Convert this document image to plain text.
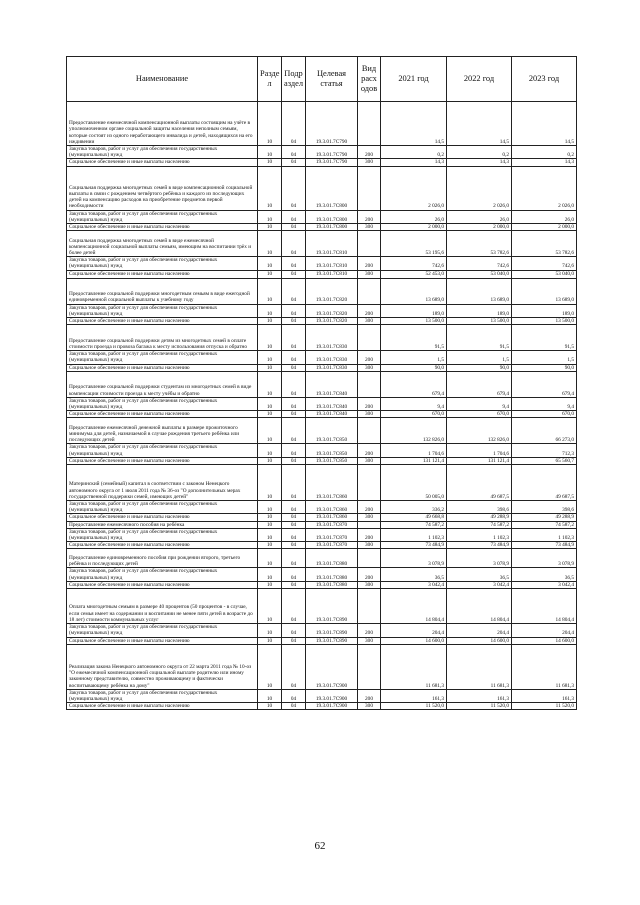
Наименование	Разде л	Подр аздел	Целевая статья	Вид расх одов	2021 год	2022 год	2023 год
Предоставление ежемесячной компенсационной выплаты состоящим на учёте в уполномоченном органе социальной защиты населения неполным семьям, которые состоят из одного неработающего инвалида и детей, находящихся на его иждивении	10	04	19.3.01.7С790		14,5	14,5	14,5
Закупка товаров, работ и услуг для обеспечения государственных (муниципальных) нужд	10	04	19.3.01.7С790	200	0,2	0,2	0,2
Социальное обеспечение и иные выплаты населению	10	04	19.3.01.7С790	300	14,3	14,3	14,3
Социальная поддержка многодетных семей в виде компенсационной социальной выплаты в связи с рождением четвёртого ребёнка и каждого из последующих детей на компенсацию расходов на приобретение предметов первой необходимости	10	04	19.3.01.7С800		2 026,0	2 026,0	2 026,0
Закупка товаров, работ и услуг для обеспечения государственных (муниципальных) нужд	10	04	19.3.01.7С800	200	26,0	26,0	26,0
Социальное обеспечение и иные выплаты населению	10	04	19.3.01.7С800	300	2 000,0	2 000,0	2 000,0
Социальная поддержка многодетных семей в виде ежемесячной компенсационной социальной выплаты семьям, имеющим на воспитании трёх и более детей	10	04	19.3.01.7С810		53 195,6	53 782,6	53 782,6
Закупка товаров, работ и услуг для обеспечения государственных (муниципальных) нужд	10	04	19.3.01.7С810	200	742,6	742,6	742,6
Социальное обеспечение и иные выплаты населению	10	04	19.3.01.7С810	300	52 453,0	53 040,0	53 040,0
Предоставление социальной поддержки многодетным семьям в виде ежегодной единовременной социальной выплаты к учебному году	10	04	19.3.01.7С820		13 689,0	13 689,0	13 689,0
Закупка товаров, работ и услуг для обеспечения государственных (муниципальных) нужд	10	04	19.3.01.7С820	200	189,0	189,0	189,0
Социальное обеспечение и иные выплаты населению	10	04	19.3.01.7С820	300	13 500,0	13 500,0	13 500,0
Предоставление социальной поддержки детям из многодетных семей в оплате стоимости проезда и провоза багажа к месту использования отпуска и обратно	10	04	19.3.01.7С830		91,5	91,5	91,5
Закупка товаров, работ и услуг для обеспечения государственных (муниципальных) нужд	10	04	19.3.01.7С830	200	1,5	1,5	1,5
Социальное обеспечение и иные выплаты населению	10	04	19.3.01.7С830	300	90,0	90,0	90,0
Предоставление социальной поддержки студентам из многодетных семей в виде компенсации стоимости проезда к месту учёбы и обратно	10	04	19.3.01.7С840		679,4	679,4	679,4
Закупка товаров, работ и услуг для обеспечения государственных (муниципальных) нужд	10	04	19.3.01.7С840	200	9,4	9,4	9,4
Социальное обеспечение и иные выплаты населению	10	04	19.3.01.7С840	300	670,0	670,0	670,0
Предоставление ежемесячной денежной выплаты в размере прожиточного минимума для детей, назначаемой в случае рождения третьего ребёнка или последующих детей	10	04	19.3.01.7С850		132 826,0	132 826,0	66 273,0
Закупка товаров, работ и услуг для обеспечения государственных (муниципальных) нужд	10	04	19.3.01.7С850	200	1 704,6	1 704,6	712,3
Социальное обеспечение и иные выплаты населению	10	04	19.3.01.7С850	300	131 121,4	131 121,4	65 560,7
Материнский (семейный) капитал в соответствии с законом Ненецкого автономного округа от 1 июля 2011 года № 36-оз "О дополнительных мерах государственной поддержки семей, имеющих детей"	10	04	19.3.01.7С860		50 005,0	49 687,5	49 687,5
Закупка товаров, работ и услуг для обеспечения государственных (муниципальных) нужд	10	04	19.3.01.7С860	200	336,2	398,6	398,6
Социальное обеспечение и иные выплаты населению	10	04	19.3.01.7С860	300	49 668,8	49 288,9	49 288,9
Предоставление ежемесячного пособия на ребёнка	10	04	19.3.01.7С870		74 587,2	74 587,2	74 587,2
Закупка товаров, работ и услуг для обеспечения государственных (муниципальных) нужд	10	04	19.3.01.7С870	200	1 102,3	1 102,3	1 102,3
Социальное обеспечение и иные выплаты населению	10	04	19.3.01.7С870	300	73 484,9	73 484,9	73 484,9
Предоставление единовременного пособия при рождении второго, третьего ребёнка и последующих детей	10	04	19.3.01.7С880		3 078,9	3 078,9	3 078,9
Закупка товаров, работ и услуг для обеспечения государственных (муниципальных) нужд	10	04	19.3.01.7С880	200	36,5	36,5	36,5
Социальное обеспечение и иные выплаты населению	10	04	19.3.01.7С880	300	3 042,4	3 042,4	3 042,4
Оплата многодетным семьям в размере 40 процентов (50 процентов - в случае, если семья имеет на содержании и воспитании не менее пяти детей в возрасте до 18 лет) стоимости коммунальных услуг	10	04	19.3.01.7С890		14 804,4	14 804,4	14 804,4
Закупка товаров, работ и услуг для обеспечения государственных (муниципальных) нужд	10	04	19.3.01.7С890	200	204,4	204,4	204,4
Социальное обеспечение и иные выплаты населению	10	04	19.3.01.7С890	300	14 600,0	14 600,0	14 600,0
Реализация закона Ненецкого автономного округа от 22 марта 2011 года № 10-оз "О ежемесячной компенсационной социальной выплате родителю или иному законному представителю, совместно проживающему и фактически воспитывающему ребёнка на дому"	10	04	19.3.01.7С900		11 681,3	11 681,3	11 681,3
Закупка товаров, работ и услуг для обеспечения государственных (муниципальных) нужд	10	04	19.3.01.7С900	200	161,3	161,3	161,3
Социальное обеспечение и иные выплаты населению	10	04	19.3.01.7С900	300	11 520,0	11 520,0	11 520,0
62
